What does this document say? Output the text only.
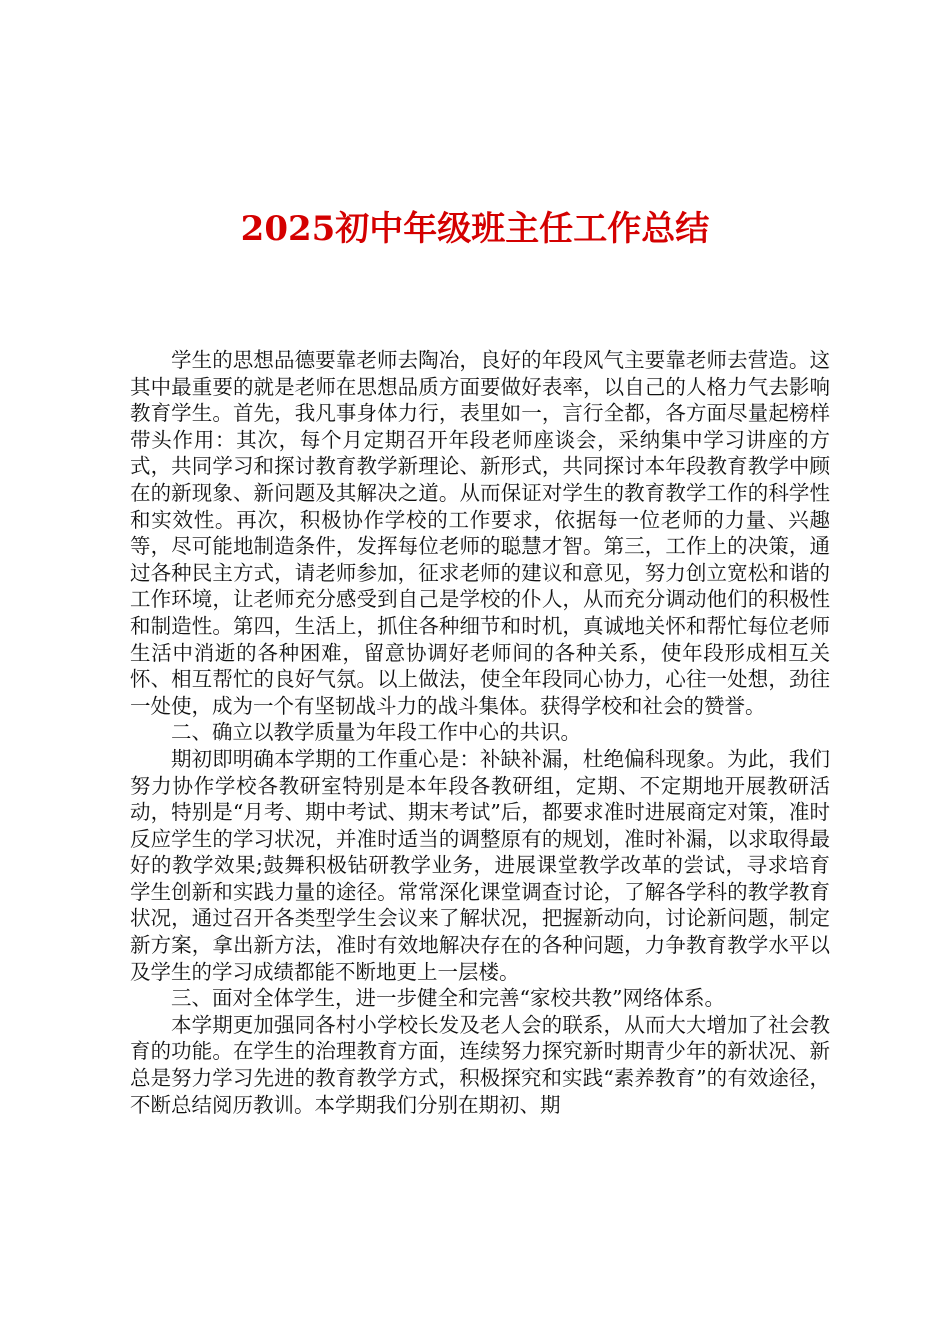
2025初中年级班主任工作总结

学生的思想品德要靠老师去陶冶，良好的年段风气主要靠老师去营造。这其中最重要的就是老师在思想品质方面要做好表率，以自己的人格力气去影响教育学生。首先，我凡事身体力行，表里如一，言行全都，各方面尽量起榜样带头作用：其次，每个月定期召开年段老师座谈会，采纳集中学习讲座的方式，共同学习和探讨教育教学新理论、新形式，共同探讨本年段教育教学中顾在的新现象、新问题及其解决之道。从而保证对学生的教育教学工作的科学性和实效性。再次，积极协作学校的工作要求，依据每一位老师的力量、兴趣等，尽可能地制造条件，发挥每位老师的聪慧才智。第三，工作上的决策，通过各种民主方式，请老师参加，征求老师的建议和意见，努力创立宽松和谐的工作环境，让老师充分感受到自己是学校的仆人，从而充分调动他们的积极性和制造性。第四，生活上，抓住各种细节和时机，真诚地关怀和帮忙每位老师生活中消逝的各种困难，留意协调好老师间的各种关系，使年段形成相互关怀、相互帮忙的良好气氛。以上做法，使全年段同心协力，心往一处想，劲往一处使，成为一个有坚韧战斗力的战斗集体。获得学校和社会的赞誉。

二、确立以教学质量为年段工作中心的共识。

期初即明确本学期的工作重心是：补缺补漏，杜绝偏科现象。为此，我们努力协作学校各教研室特别是本年段各教研组，定期、不定期地开展教研活动，特别是“月考、期中考试、期末考试”后，都要求准时进展商定对策，准时反应学生的学习状况，并准时适当的调整原有的规划，准时补漏，以求取得最好的教学效果;鼓舞积极钻研教学业务，进展课堂教学改革的尝试，寻求培育学生创新和实践力量的途径。常常深化课堂调查讨论，了解各学科的教学教育状况，通过召开各类型学生会议来了解状况，把握新动向，讨论新问题，制定新方案，拿出新方法，准时有效地解决存在的各种问题，力争教育教学水平以及学生的学习成绩都能不断地更上一层楼。

三、面对全体学生，进一步健全和完善“家校共教”网络体系。

本学期更加强同各村小学校长发及老人会的联系，从而大大增加了社会教育的功能。在学生的治理教育方面，连续努力探究新时期青少年的新状况、新总是努力学习先进的教育教学方式，积极探究和实践“素养教育”的有效途径，不断总结阅历教训。本学期我们分别在期初、期
